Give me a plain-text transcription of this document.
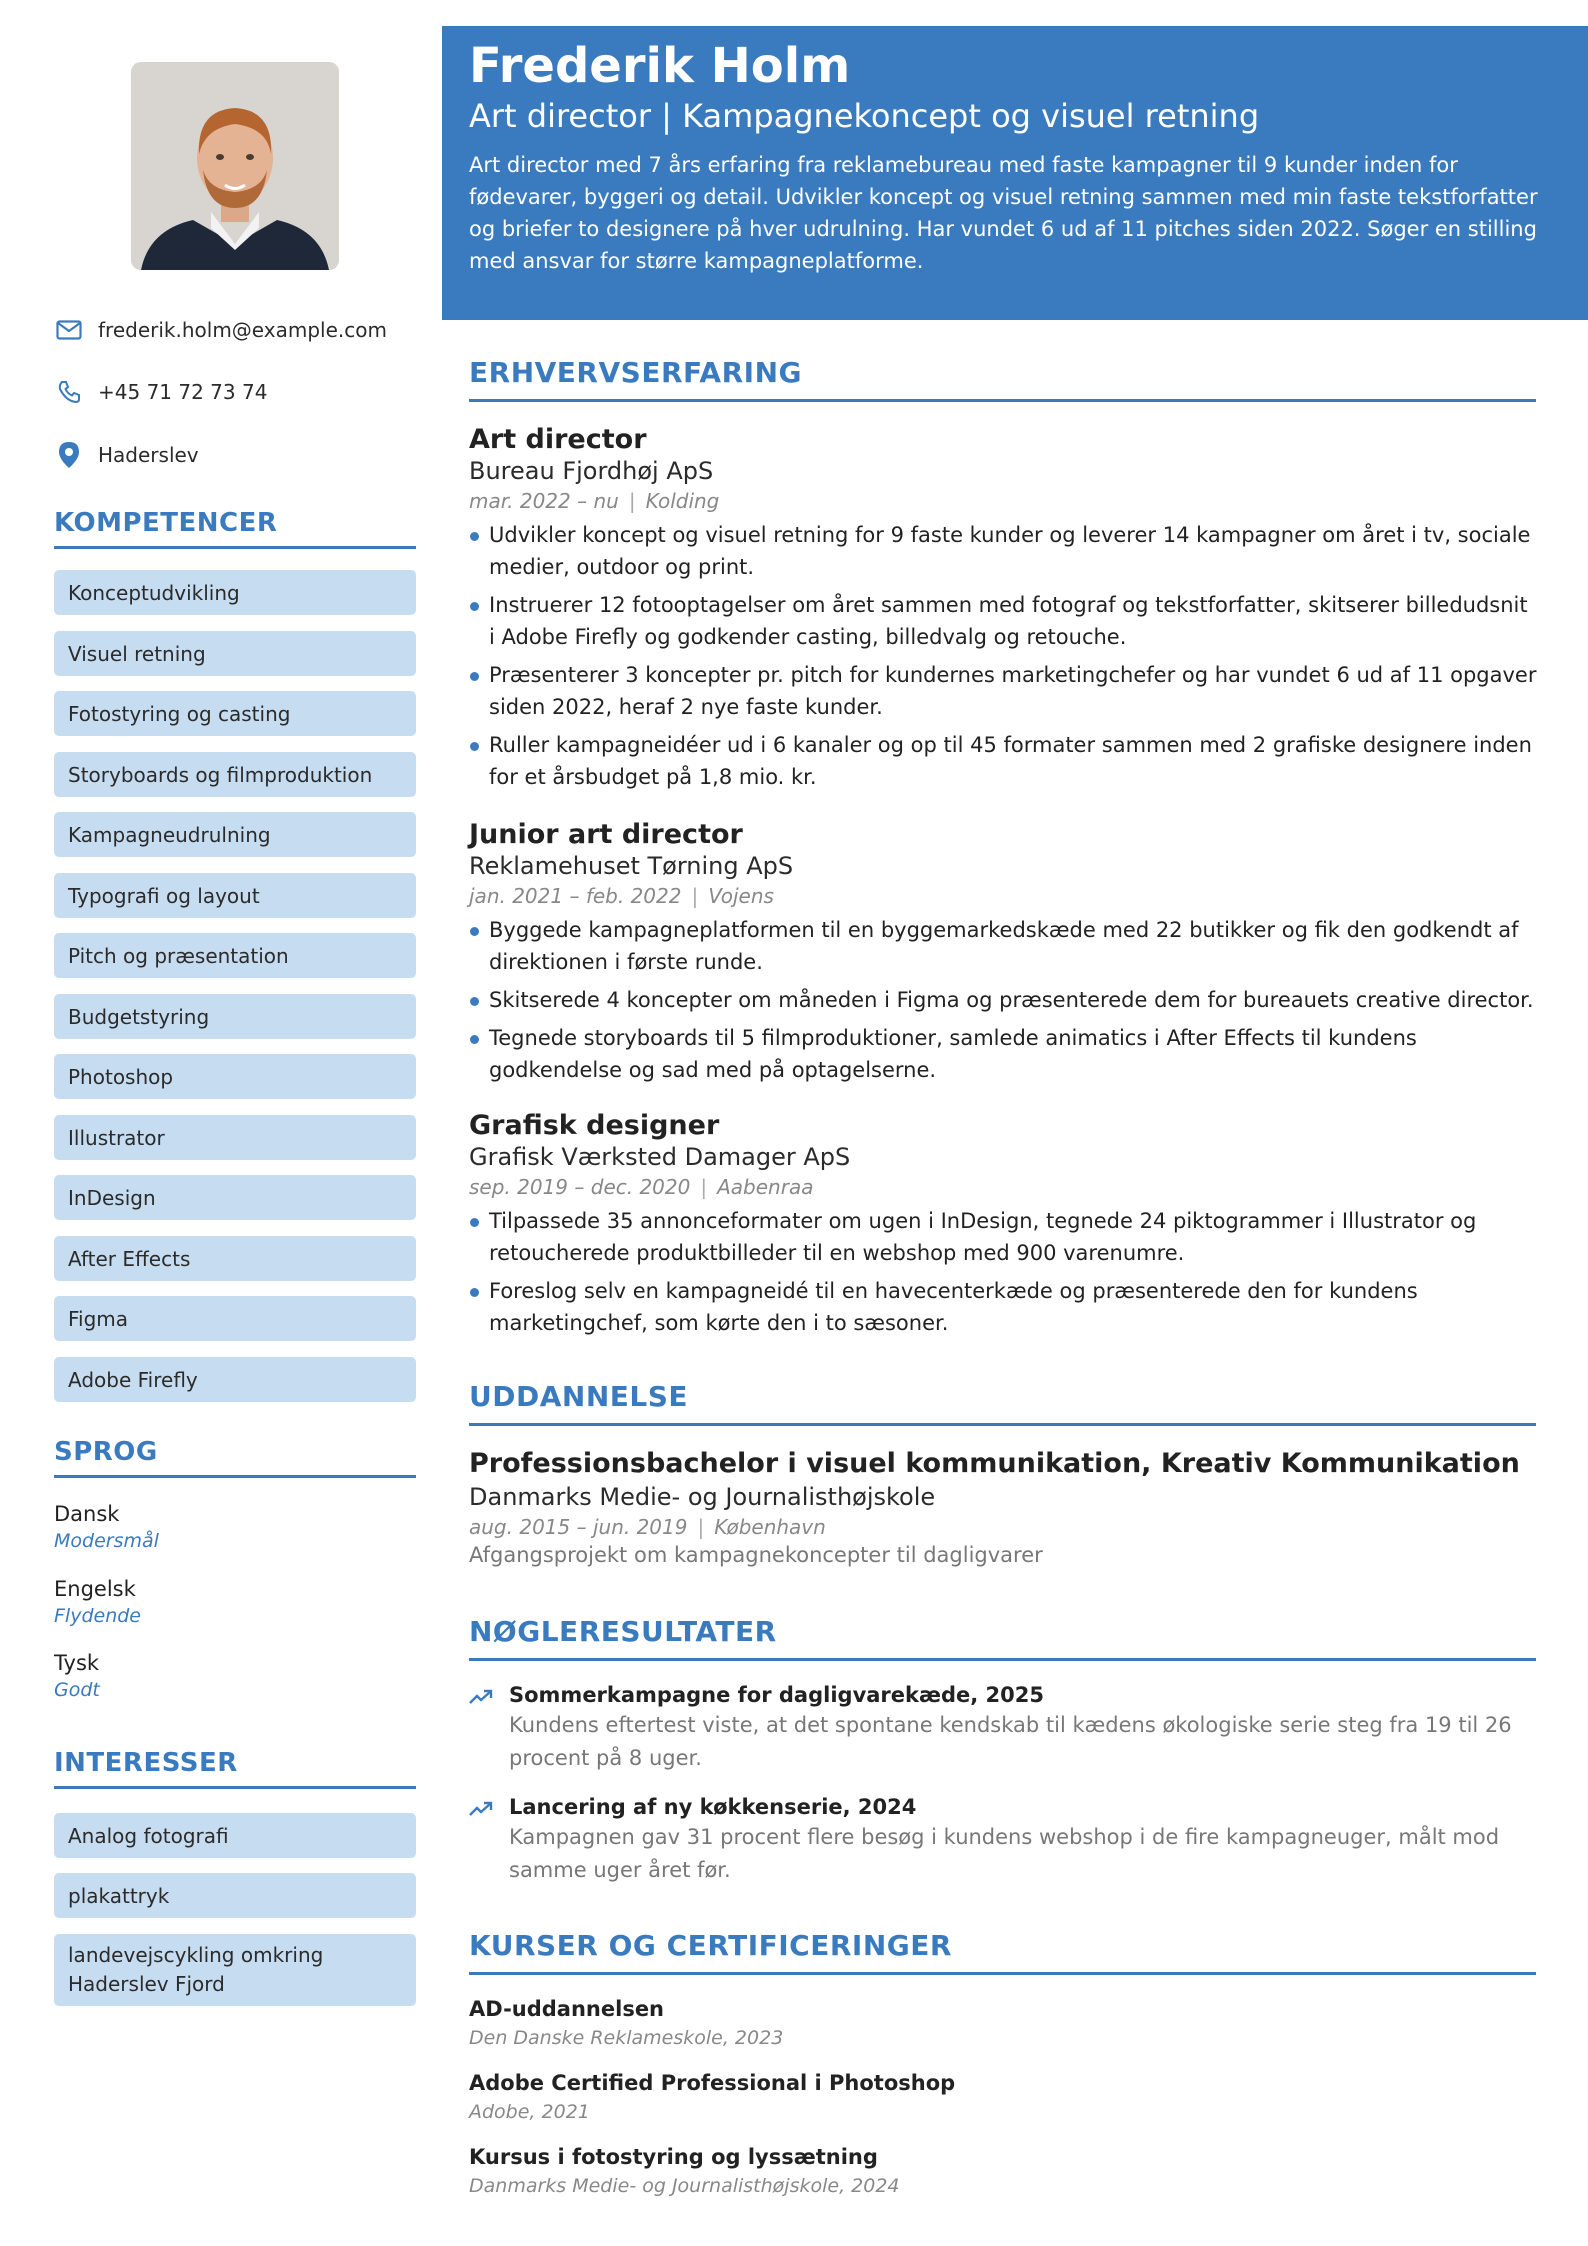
frederik.holm@example.com
+45 71 72 73 74
Haderslev
KOMPETENCER
Konceptudvikling
Visuel retning
Fotostyring og casting
Storyboards og filmproduktion
Kampagneudrulning
Typografi og layout
Pitch og præsentation
Budgetstyring
Photoshop
Illustrator
InDesign
After Effects
Figma
Adobe Firefly
SPROG
Dansk
Modersmål
Engelsk
Flydende
Tysk
Godt
INTERESSER
Analog fotografi
plakattryk
landevejscykling omkring Haderslev Fjord
Frederik Holm
Art director | Kampagnekoncept og visuel retning
Art director med 7 års erfaring fra reklamebureau med faste kampagner til 9 kunder inden for fødevarer, byggeri og detail. Udvikler koncept og visuel retning sammen med min faste tekstforfatter og briefer to designere på hver udrulning. Har vundet 6 ud af 11 pitches siden 2022. Søger en stilling med ansvar for større kampagneplatforme.
ERHVERVSERFARING
Art director
Bureau Fjordhøj ApS
mar. 2022 – nu | Kolding
Udvikler koncept og visuel retning for 9 faste kunder og leverer 14 kampagner om året i tv, sociale medier, outdoor og print.
Instruerer 12 fotooptagelser om året sammen med fotograf og tekstforfatter, skitserer billedudsnit i Adobe Firefly og godkender casting, billedvalg og retouche.
Præsenterer 3 koncepter pr. pitch for kundernes marketingchefer og har vundet 6 ud af 11 opgaver siden 2022, heraf 2 nye faste kunder.
Ruller kampagneidéer ud i 6 kanaler og op til 45 formater sammen med 2 grafiske designere inden for et årsbudget på 1,8 mio. kr.
Junior art director
Reklamehuset Tørning ApS
jan. 2021 – feb. 2022 | Vojens
Byggede kampagneplatformen til en byggemarkedskæde med 22 butikker og fik den godkendt af direktionen i første runde.
Skitserede 4 koncepter om måneden i Figma og præsenterede dem for bureauets creative director.
Tegnede storyboards til 5 filmproduktioner, samlede animatics i After Effects til kundens godkendelse og sad med på optagelserne.
Grafisk designer
Grafisk Værksted Damager ApS
sep. 2019 – dec. 2020 | Aabenraa
Tilpassede 35 annonceformater om ugen i InDesign, tegnede 24 piktogrammer i Illustrator og retoucherede produktbilleder til en webshop med 900 varenumre.
Foreslog selv en kampagneidé til en havecenterkæde og præsenterede den for kundens marketingchef, som kørte den i to sæsoner.
UDDANNELSE
Professionsbachelor i visuel kommunikation, Kreativ Kommunikation
Danmarks Medie- og Journalisthøjskole
aug. 2015 – jun. 2019 | København
Afgangsprojekt om kampagnekoncepter til dagligvarer
NØGLERESULTATER
Sommerkampagne for dagligvarekæde, 2025
Kundens eftertest viste, at det spontane kendskab til kædens økologiske serie steg fra 19 til 26 procent på 8 uger.
Lancering af ny køkkenserie, 2024
Kampagnen gav 31 procent flere besøg i kundens webshop i de fire kampagneuger, målt mod samme uger året før.
KURSER OG CERTIFICERINGER
AD-uddannelsen
Den Danske Reklameskole, 2023
Adobe Certified Professional i Photoshop
Adobe, 2021
Kursus i fotostyring og lyssætning
Danmarks Medie- og Journalisthøjskole, 2024
